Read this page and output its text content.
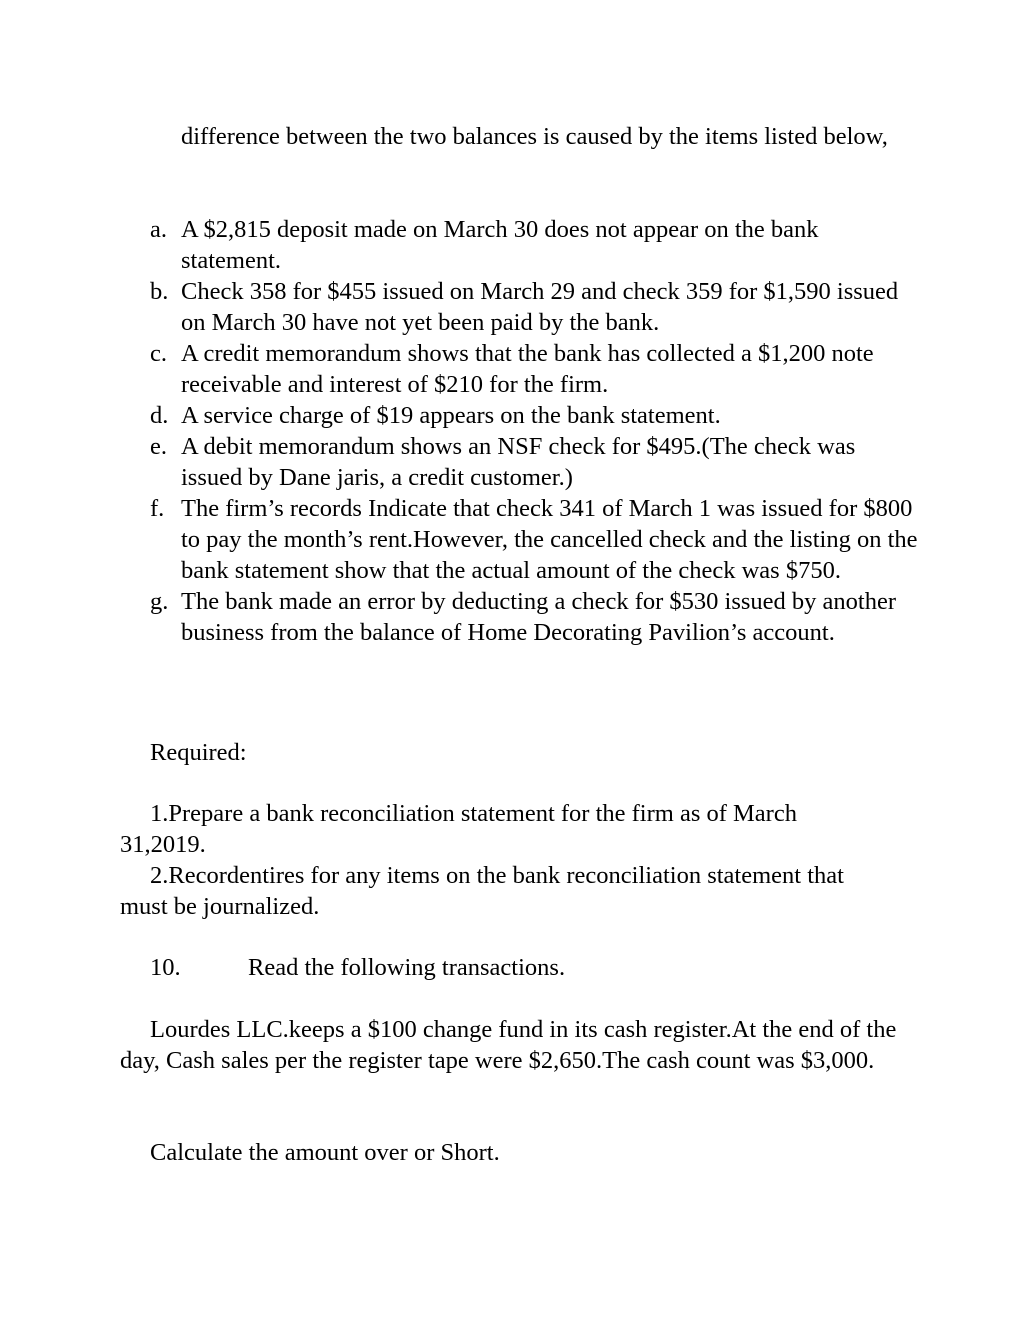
difference between the two balances is caused by the items listed below,
a. A $2,815 deposit made on March 30 does not appear on the bank statement.
b. Check 358 for $455 issued on March 29 and check 359 for $1,590 issued on March 30 have not yet been paid by the bank.
c. A credit memorandum shows that the bank has collected a $1,200 note receivable and interest of $210 for the firm.
d. A service charge of $19 appears on the bank statement.
e. A debit memorandum shows an NSF check for $495.(The check was issued by Dane jaris, a credit customer.)
f. The firm’s records Indicate that check 341 of March 1 was issued for $800 to pay the month’s rent.However, the cancelled check and the listing on the bank statement show that the actual amount of the check was $750.
g. The bank made an error by deducting a check for $530 issued by another business from the balance of Home Decorating Pavilion’s account.
Required:
1.Prepare a bank reconciliation statement for the firm as of March 31,2019.
2.Recordentires for any items on the bank reconciliation statement that must be journalized.
10.	Read the following transactions.
Lourdes LLC.keeps a $100 change fund in its cash register.At the end of the day, Cash sales per the register tape were $2,650.The cash count was $3,000.
Calculate the amount over or Short.
